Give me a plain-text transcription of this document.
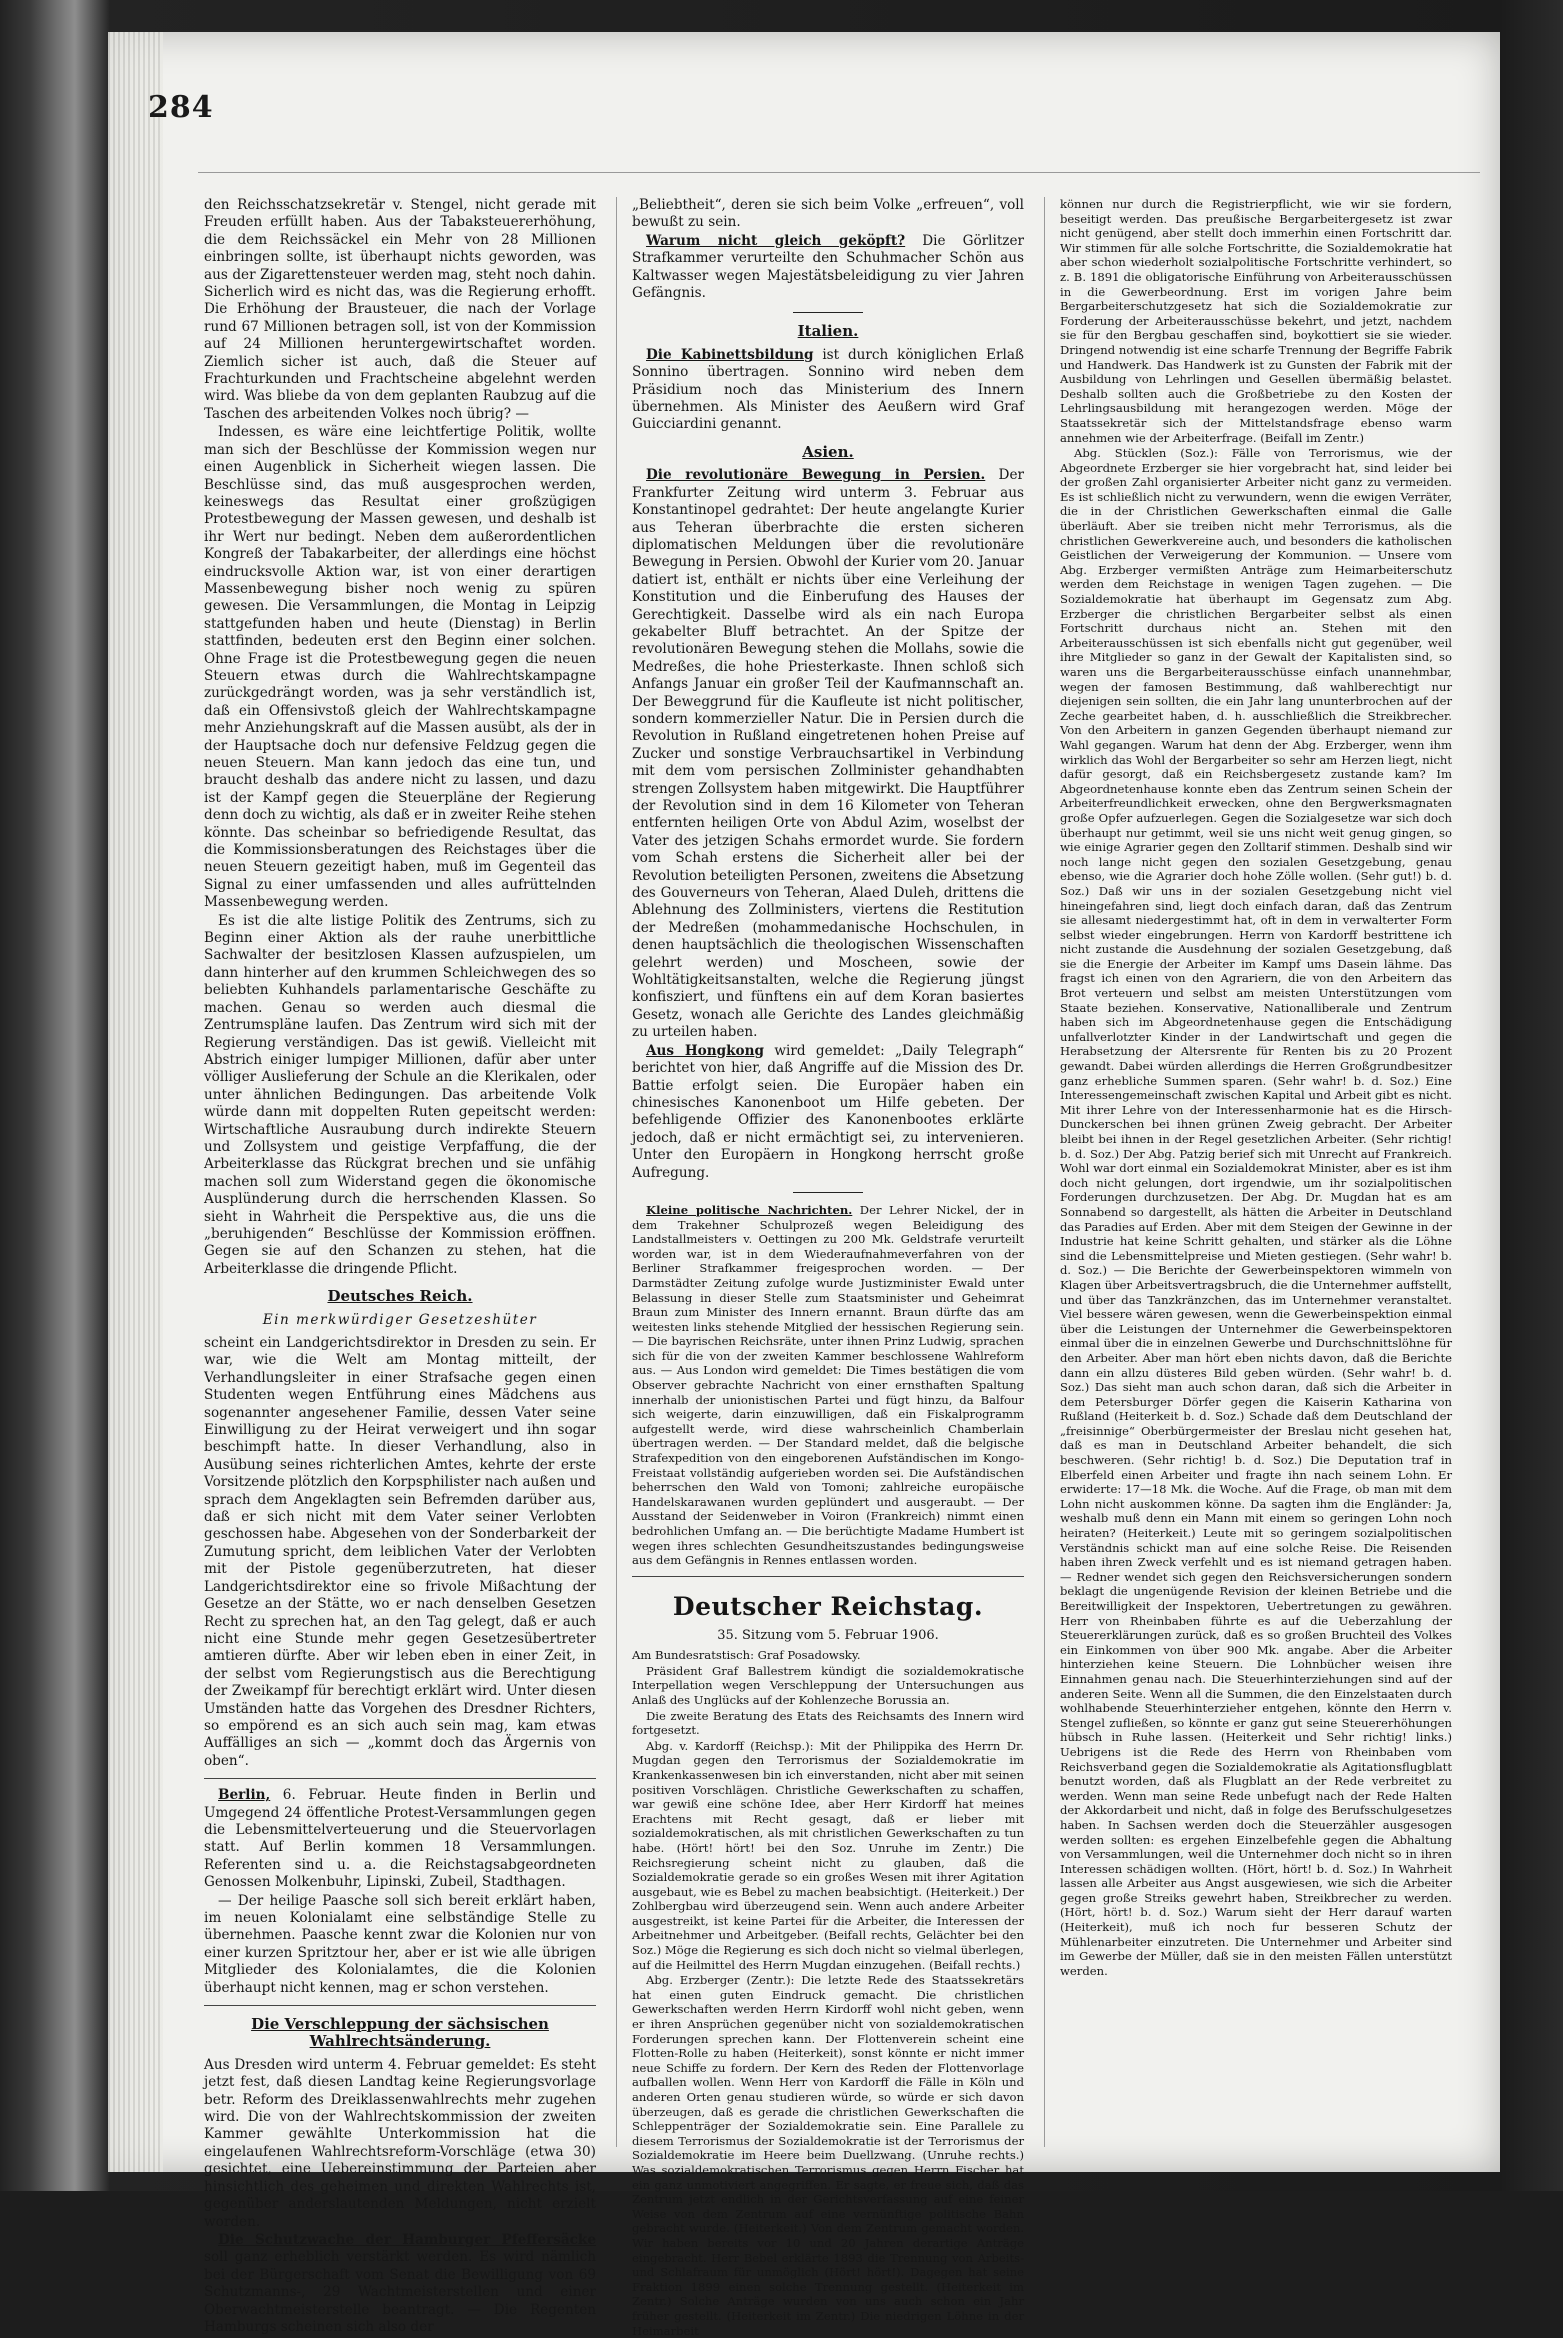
284

den Reichsschatzsekretär v. Stengel, nicht gerade mit Freuden erfüllt haben. Aus der Tabaksteuererhöhung, die dem Reichssäckel ein Mehr von 28 Millionen einbringen sollte, ist überhaupt nichts geworden, was aus der Zigarettensteuer werden mag, steht noch dahin. Sicherlich wird es nicht das, was die Regierung erhofft. Die Erhöhung der Brausteuer, die nach der Vorlage rund 67 Millionen betragen soll, ist von der Kommission auf 24 Millionen heruntergewirtschaftet worden. Ziemlich sicher ist auch, daß die Steuer auf Frachturkunden und Frachtscheine abgelehnt werden wird. Was bliebe da von dem geplanten Raubzug auf die Taschen des arbeitenden Volkes noch übrig? —

Indessen, es wäre eine leichtfertige Politik, wollte man sich der Beschlüsse der Kommission wegen nur einen Augenblick in Sicherheit wiegen lassen. Die Beschlüsse sind, das muß ausgesprochen werden, keineswegs das Resultat einer großzügigen Protestbewegung der Massen gewesen, und deshalb ist ihr Wert nur bedingt. Neben dem außerordentlichen Kongreß der Tabakarbeiter, der allerdings eine höchst eindrucksvolle Aktion war, ist von einer derartigen Massenbewegung bisher noch wenig zu spüren gewesen. Die Versammlungen, die Montag in Leipzig stattgefunden haben und heute (Dienstag) in Berlin stattfinden, bedeuten erst den Beginn einer solchen. Ohne Frage ist die Protestbewegung gegen die neuen Steuern etwas durch die Wahlrechtskampagne zurückgedrängt worden, was ja sehr verständlich ist, daß ein Offensivstoß gleich der Wahlrechtskampagne mehr Anziehungskraft auf die Massen ausübt, als der in der Hauptsache doch nur defensive Feldzug gegen die neuen Steuern. Man kann jedoch das eine tun, und braucht deshalb das andere nicht zu lassen, und dazu ist der Kampf gegen die Steuerpläne der Regierung denn doch zu wichtig, als daß er in zweiter Reihe stehen könnte. Das scheinbar so befriedigende Resultat, das die Kommissionsberatungen des Reichstages über die neuen Steuern gezeitigt haben, muß im Gegenteil das Signal zu einer umfassenden und alles aufrüttelnden Massenbewegung werden.

Es ist die alte listige Politik des Zentrums, sich zu Beginn einer Aktion als der rauhe unerbittliche Sachwalter der besitzlosen Klassen aufzuspielen, um dann hinterher auf den krummen Schleichwegen des so beliebten Kuhhandels parlamentarische Geschäfte zu machen. Genau so werden auch diesmal die Zentrumspläne laufen. Das Zentrum wird sich mit der Regierung verständigen. Das ist gewiß. Vielleicht mit Abstrich einiger lumpiger Millionen, dafür aber unter völliger Auslieferung der Schule an die Klerikalen, oder unter ähnlichen Bedingungen. Das arbeitende Volk würde dann mit doppelten Ruten gepeitscht werden: Wirtschaftliche Ausraubung durch indirekte Steuern und Zollsystem und geistige Verpfaffung, die der Arbeiterklasse das Rückgrat brechen und sie unfähig machen soll zum Widerstand gegen die ökonomische Ausplünderung durch die herrschenden Klassen. So sieht in Wahrheit die Perspektive aus, die uns die „beruhigenden“ Beschlüsse der Kommission eröffnen. Gegen sie auf den Schanzen zu stehen, hat die Arbeiterklasse die dringende Pflicht.

Deutsches Reich.
Ein merkwürdiger Gesetzeshüter

scheint ein Landgerichtsdirektor in Dresden zu sein. Er war, wie die Welt am Montag mitteilt, der Verhandlungsleiter in einer Strafsache gegen einen Studenten wegen Entführung eines Mädchens aus sogenannter angesehener Familie, dessen Vater seine Einwilligung zu der Heirat verweigert und ihn sogar beschimpft hatte. In dieser Verhandlung, also in Ausübung seines richterlichen Amtes, kehrte der erste Vorsitzende plötzlich den Korpsphilister nach außen und sprach dem Angeklagten sein Befremden darüber aus, daß er sich nicht mit dem Vater seiner Verlobten geschossen habe. Abgesehen von der Sonderbarkeit der Zumutung spricht, dem leiblichen Vater der Verlobten mit der Pistole gegenüberzutreten, hat dieser Landgerichtsdirektor eine so frivole Mißachtung der Gesetze an der Stätte, wo er nach denselben Gesetzen Recht zu sprechen hat, an den Tag gelegt, daß er auch nicht eine Stunde mehr gegen Gesetzesübertreter amtieren dürfte. Aber wir leben eben in einer Zeit, in der selbst vom Regierungstisch aus die Berechtigung der Zweikampf für berechtigt erklärt wird. Unter diesen Umständen hatte das Vorgehen des Dresdner Richters, so empörend es an sich auch sein mag, kam etwas Auffälliges an sich — „kommt doch das Ärgernis von oben“.

Berlin, 6. Februar. Heute finden in Berlin und Umgegend 24 öffentliche Protest-Versammlungen gegen die Lebensmittelverteuerung und die Steuervorlagen statt. Auf Berlin kommen 18 Versammlungen. Referenten sind u. a. die Reichstagsabgeordneten Genossen Molkenbuhr, Lipinski, Zubeil, Stadthagen.

— Der heilige Paasche soll sich bereit erklärt haben, im neuen Kolonialamt eine selbständige Stelle zu übernehmen. Paasche kennt zwar die Kolonien nur von einer kurzen Spritztour her, aber er ist wie alle übrigen Mitglieder des Kolonialamtes, die die Kolonien überhaupt nicht kennen, mag er schon verstehen.

Die Verschleppung der sächsischen Wahlrechtsänderung.

Aus Dresden wird unterm 4. Februar gemeldet: Es steht jetzt fest, daß diesen Landtag keine Regierungsvorlage betr. Reform des Dreiklassenwahlrechts mehr zugehen wird. Die von der Wahlrechtskommission der zweiten Kammer gewählte Unterkommission hat die eingelaufenen Wahlrechtsreform-Vorschläge (etwa 30) gesichtet, eine Uebereinstimmung der Parteien aber hinsichtlich des geheimen und direkten Wahlrechts ist, gegenüber anderslautenden Meldungen, nicht erzielt worden.

Die Schutzwache der Hamburger Pfeffersäcke soll ganz erheblich verstärkt werden. Es wird nämlich bei der Bürgerschaft vom Senat die Bewilligung von 69 Schutzmanns-, 29 Wachtmeisterstellen und einer Oberwachtmeisterstelle beantragt. — Die Regenten Hamburgs scheinen sich also der

„Beliebtheit“, deren sie sich beim Volke „erfreuen“, voll bewußt zu sein.

Warum nicht gleich geköpft? Die Görlitzer Strafkammer verurteilte den Schuhmacher Schön aus Kaltwasser wegen Majestätsbeleidigung zu vier Jahren Gefängnis.

Italien.

Die Kabinettsbildung ist durch königlichen Erlaß Sonnino übertragen. Sonnino wird neben dem Präsidium noch das Ministerium des Innern übernehmen. Als Minister des Aeußern wird Graf Guicciardini genannt.

Asien.

Die revolutionäre Bewegung in Persien. Der Frankfurter Zeitung wird unterm 3. Februar aus Konstantinopel gedrahtet: Der heute angelangte Kurier aus Teheran überbrachte die ersten sicheren diplomatischen Meldungen über die revolutionäre Bewegung in Persien. Obwohl der Kurier vom 20. Januar datiert ist, enthält er nichts über eine Verleihung der Konstitution und die Einberufung des Hauses der Gerechtigkeit. Dasselbe wird als ein nach Europa gekabelter Bluff betrachtet. An der Spitze der revolutionären Bewegung stehen die Mollahs, sowie die Medreßes, die hohe Priesterkaste. Ihnen schloß sich Anfangs Januar ein großer Teil der Kaufmannschaft an. Der Beweggrund für die Kaufleute ist nicht politischer, sondern kommerzieller Natur. Die in Persien durch die Revolution in Rußland eingetretenen hohen Preise auf Zucker und sonstige Verbrauchsartikel in Verbindung mit dem vom persischen Zollminister gehandhabten strengen Zollsystem haben mitgewirkt. Die Hauptführer der Revolution sind in dem 16 Kilometer von Teheran entfernten heiligen Orte von Abdul Azim, woselbst der Vater des jetzigen Schahs ermordet wurde. Sie fordern vom Schah erstens die Sicherheit aller bei der Revolution beteiligten Personen, zweitens die Absetzung des Gouverneurs von Teheran, Alaed Duleh, drittens die Ablehnung des Zollministers, viertens die Restitution der Medreßen (mohammedanische Hochschulen, in denen hauptsächlich die theologischen Wissenschaften gelehrt werden) und Moscheen, sowie der Wohltätigkeitsanstalten, welche die Regierung jüngst konfisziert, und fünftens ein auf dem Koran basiertes Gesetz, wonach alle Gerichte des Landes gleichmäßig zu urteilen haben.

Aus Hongkong wird gemeldet: „Daily Telegraph“ berichtet von hier, daß Angriffe auf die Mission des Dr. Battie erfolgt seien. Die Europäer haben ein chinesisches Kanonenboot um Hilfe gebeten. Der befehligende Offizier des Kanonenbootes erklärte jedoch, daß er nicht ermächtigt sei, zu intervenieren. Unter den Europäern in Hongkong herrscht große Aufregung.

Kleine politische Nachrichten. Der Lehrer Nickel, der in dem Trakehner Schulprozeß wegen Beleidigung des Landstallmeisters v. Oettingen zu 200 Mk. Geldstrafe verurteilt worden war, ist in dem Wiederaufnahmeverfahren von der Berliner Strafkammer freigesprochen worden. — Der Darmstädter Zeitung zufolge wurde Justizminister Ewald unter Belassung in dieser Stelle zum Staatsminister und Geheimrat Braun zum Minister des Innern ernannt. Braun dürfte das am weitesten links stehende Mitglied der hessischen Regierung sein. — Die bayrischen Reichsräte, unter ihnen Prinz Ludwig, sprachen sich für die von der zweiten Kammer beschlossene Wahlreform aus. — Aus London wird gemeldet: Die Times bestätigen die vom Observer gebrachte Nachricht von einer ernsthaften Spaltung innerhalb der unionistischen Partei und fügt hinzu, da Balfour sich weigerte, darin einzuwilligen, daß ein Fiskalprogramm aufgestellt werde, wird diese wahrscheinlich Chamberlain übertragen werden. — Der Standard meldet, daß die belgische Strafexpedition von den eingeborenen Aufständischen im Kongo-Freistaat vollständig aufgerieben worden sei. Die Aufständischen beherrschen den Wald von Tomoni; zahlreiche europäische Handelskarawanen wurden geplündert und ausgeraubt. — Der Ausstand der Seidenweber in Voiron (Frankreich) nimmt einen bedrohlichen Umfang an. — Die berüchtigte Madame Humbert ist wegen ihres schlechten Gesundheitszustandes bedingungsweise aus dem Gefängnis in Rennes entlassen worden.

Deutscher Reichstag.
35. Sitzung vom 5. Februar 1906.

Am Bundesratstisch: Graf Posadowsky.

Präsident Graf Ballestrem kündigt die sozialdemokratische Interpellation wegen Verschleppung der Untersuchungen aus Anlaß des Unglücks auf der Kohlenzeche Borussia an.

Die zweite Beratung des Etats des Reichsamts des Innern wird fortgesetzt.

Abg. v. Kardorff (Reichsp.): Mit der Philippika des Herrn Dr. Mugdan gegen den Terrorismus der Sozialdemokratie im Krankenkassenwesen bin ich einverstanden, nicht aber mit seinen positiven Vorschlägen. Christliche Gewerkschaften zu schaffen, war gewiß eine schöne Idee, aber Herr Kirdorff hat meines Erachtens mit Recht gesagt, daß er lieber mit sozialdemokratischen, als mit christlichen Gewerkschaften zu tun habe. (Hört! hört! bei den Soz. Unruhe im Zentr.) Die Reichsregierung scheint nicht zu glauben, daß die Sozialdemokratie gerade so ein großes Wesen mit ihrer Agitation ausgebaut, wie es Bebel zu machen beabsichtigt. (Heiterkeit.) Der Zohlbergbau wird überzeugend sein. Wenn auch andere Arbeiter ausgestreikt, ist keine Partei für die Arbeiter, die Interessen der Arbeitnehmer und Arbeitgeber. (Beifall rechts, Gelächter bei den Soz.) Möge die Regierung es sich doch nicht so vielmal überlegen, auf die Heilmittel des Herrn Mugdan einzugehen. (Beifall rechts.)

Abg. Erzberger (Zentr.): Die letzte Rede des Staatssekretärs hat einen guten Eindruck gemacht. Die christlichen Gewerkschaften werden Herrn Kirdorff wohl nicht geben, wenn er ihren Ansprüchen gegenüber nicht von sozialdemokratischen Forderungen sprechen kann. Der Flottenverein scheint eine Flotten-Rolle zu haben (Heiterkeit), sonst könnte er nicht immer neue Schiffe zu fordern. Der Kern des Reden der Flottenvorlage aufballen wollen. Wenn Herr von Kardorff die Fälle in Köln und anderen Orten genau studieren würde, so würde er sich davon überzeugen, daß es gerade die christlichen Gewerkschaften die Schleppenträger der Sozialdemokratie sein. Eine Parallele zu diesem Terrorismus der Sozialdemokratie ist der Terrorismus der Sozialdemokratie im Heere beim Duellzwang. (Unruhe rechts.) Was sozialdemokratischen Terrorismus gegen Herrn Fischer hat ein ganz unmotiviert angegriffen. Er sagte, er freue sich, daß das Zentrum jetzt endlich in der Gerichtsverfassung auf eine feiner Weise von dem Zentrum auf eine vernünftige politische Bahn gebracht wurde. (Heiterkeit.) Von dem Zentrum gemacht worden. Wir haben bereits vor 10 und 20 Jahren derartige Anträge eingebracht. Herr Bebel erklärte 1893 die Trennung von Arbeits- und Schlafraum für unmöglich (Hört! hört!). Dagegen hat seine Fraktion 1899 einen solche Trennung gestellt. (Heiterkeit im Zentr.) Solche Anträge wurden von uns auch schon ein Jahr früher gestellt. (Heiterkeit im Zentr.) Die niedrigen Löhne in der Heimarbeit

können nur durch die Registrierpflicht, wie wir sie fordern, beseitigt werden. Das preußische Bergarbeitergesetz ist zwar nicht genügend, aber stellt doch immerhin einen Fortschritt dar. Wir stimmen für alle solche Fortschritte, die Sozialdemokratie hat aber schon wiederholt sozialpolitische Fortschritte verhindert, so z. B. 1891 die obligatorische Einführung von Arbeiterausschüssen in die Gewerbeordnung. Erst im vorigen Jahre beim Bergarbeiterschutzgesetz hat sich die Sozialdemokratie zur Forderung der Arbeiterausschüsse bekehrt, und jetzt, nachdem sie für den Bergbau geschaffen sind, boykottiert sie sie wieder. Dringend notwendig ist eine scharfe Trennung der Begriffe Fabrik und Handwerk. Das Handwerk ist zu Gunsten der Fabrik mit der Ausbildung von Lehrlingen und Gesellen übermäßig belastet. Deshalb sollten auch die Großbetriebe zu den Kosten der Lehrlingsausbildung mit herangezogen werden. Möge der Staatssekretär sich der Mittelstandsfrage ebenso warm annehmen wie der Arbeiterfrage. (Beifall im Zentr.)

Abg. Stücklen (Soz.): Fälle von Terrorismus, wie der Abgeordnete Erzberger sie hier vorgebracht hat, sind leider bei der großen Zahl organisierter Arbeiter nicht ganz zu vermeiden. Es ist schließlich nicht zu verwundern, wenn die ewigen Verräter, die in der Christlichen Gewerkschaften einmal die Galle überläuft. Aber sie treiben nicht mehr Terrorismus, als die christlichen Gewerkvereine auch, und besonders die katholischen Geistlichen der Verweigerung der Kommunion. — Unsere vom Abg. Erzberger vermißten Anträge zum Heimarbeiterschutz werden dem Reichstage in wenigen Tagen zugehen. — Die Sozialdemokratie hat überhaupt im Gegensatz zum Abg. Erzberger die christlichen Bergarbeiter selbst als einen Fortschritt durchaus nicht an. Stehen mit den Arbeiterausschüssen ist sich ebenfalls nicht gut gegenüber, weil ihre Mitglieder so ganz in der Gewalt der Kapitalisten sind, so waren uns die Bergarbeiterausschüsse einfach unannehmbar, wegen der famosen Bestimmung, daß wahlberechtigt nur diejenigen sein sollten, die ein Jahr lang ununterbrochen auf der Zeche gearbeitet haben, d. h. ausschließlich die Streikbrecher. Von den Arbeitern in ganzen Gegenden überhaupt niemand zur Wahl gegangen. Warum hat denn der Abg. Erzberger, wenn ihm wirklich das Wohl der Bergarbeiter so sehr am Herzen liegt, nicht dafür gesorgt, daß ein Reichsbergesetz zustande kam? Im Abgeordnetenhause konnte eben das Zentrum seinen Schein der Arbeiterfreundlichkeit erwecken, ohne den Bergwerksmagnaten große Opfer aufzuerlegen. Gegen die Sozialgesetze war sich doch überhaupt nur getimmt, weil sie uns nicht weit genug gingen, so wie einige Agrarier gegen den Zolltarif stimmen. Deshalb sind wir noch lange nicht gegen den sozialen Gesetzgebung, genau ebenso, wie die Agrarier doch hohe Zölle wollen. (Sehr gut!) b. d. Soz.) Daß wir uns in der sozialen Gesetzgebung nicht viel hineingefahren sind, liegt doch einfach daran, daß das Zentrum sie allesamt niedergestimmt hat, oft in dem in verwalterter Form selbst wieder eingebrungen. Herrn von Kardorff bestrittene ich nicht zustande die Ausdehnung der sozialen Gesetzgebung, daß sie die Energie der Arbeiter im Kampf ums Dasein lähme. Das fragst ich einen von den Agrariern, die von den Arbeitern das Brot verteuern und selbst am meisten Unterstützungen vom Staate beziehen. Konservative, Nationalliberale und Zentrum haben sich im Abgeordnetenhause gegen die Entschädigung unfallverlotzter Kinder in der Landwirtschaft und gegen die Herabsetzung der Altersrente für Renten bis zu 20 Prozent gewandt. Dabei würden allerdings die Herren Großgrundbesitzer ganz erhebliche Summen sparen. (Sehr wahr! b. d. Soz.) Eine Interessengemeinschaft zwischen Kapital und Arbeit gibt es nicht. Mit ihrer Lehre von der Interessenharmonie hat es die Hirsch-Dunckerschen bei ihnen grünen Zweig gebracht. Der Arbeiter bleibt bei ihnen in der Regel gesetzlichen Arbeiter. (Sehr richtig! b. d. Soz.) Der Abg. Patzig berief sich mit Unrecht auf Frankreich. Wohl war dort einmal ein Sozialdemokrat Minister, aber es ist ihm doch nicht gelungen, dort irgendwie, um ihr sozialpolitischen Forderungen durchzusetzen. Der Abg. Dr. Mugdan hat es am Sonnabend so dargestellt, als hätten die Arbeiter in Deutschland das Paradies auf Erden. Aber mit dem Steigen der Gewinne in der Industrie hat keine Schritt gehalten, und stärker als die Löhne sind die Lebensmittelpreise und Mieten gestiegen. (Sehr wahr! b. d. Soz.) — Die Berichte der Gewerbeinspektoren wimmeln von Klagen über Arbeitsvertragsbruch, die die Unternehmer auffstellt, und über das Tanzkränzchen, das im Unternehmer veranstaltet. Viel bessere wären gewesen, wenn die Gewerbeinspektion einmal über die Leistungen der Unternehmer die Gewerbeinspektoren einmal über die in einzelnen Gewerbe und Durchschnittslöhne für den Arbeiter. Aber man hört eben nichts davon, daß die Berichte dann ein allzu düsteres Bild geben würden. (Sehr wahr! b. d. Soz.) Das sieht man auch schon daran, daß sich die Arbeiter in dem Petersburger Dörfer gegen die Kaiserin Katharina von Rußland (Heiterkeit b. d. Soz.) Schade daß dem Deutschland der „freisinnige“ Oberbürgermeister der Breslau nicht gesehen hat, daß es man in Deutschland Arbeiter behandelt, die sich beschweren. (Sehr richtig! b. d. Soz.) Die Deputation traf in Elberfeld einen Arbeiter und fragte ihn nach seinem Lohn. Er erwiderte: 17—18 Mk. die Woche. Auf die Frage, ob man mit dem Lohn nicht auskommen könne. Da sagten ihm die Engländer: Ja, weshalb muß denn ein Mann mit einem so geringen Lohn noch heiraten? (Heiterkeit.) Leute mit so geringem sozialpolitischen Verständnis schickt man auf eine solche Reise. Die Reisenden haben ihren Zweck verfehlt und es ist niemand getragen haben. — Redner wendet sich gegen den Reichsversicherungen sondern beklagt die ungenügende Revision der kleinen Betriebe und die Bereitwilligkeit der Inspektoren, Uebertretungen zu gewähren. Herr von Rheinbaben führte es auf die Ueberzahlung der Steuererklärungen zurück, daß es so großen Bruchteil des Volkes ein Einkommen von über 900 Mk. angabe. Aber die Arbeiter hinterziehen keine Steuern. Die Lohnbücher weisen ihre Einnahmen genau nach. Die Steuerhinterziehungen sind auf der anderen Seite. Wenn all die Summen, die den Einzelstaaten durch wohlhabende Steuerhinterzieher entgehen, könnte den Herrn v. Stengel zufließen, so könnte er ganz gut seine Steuererhöhungen hübsch in Ruhe lassen. (Heiterkeit und Sehr richtig! links.) Uebrigens ist die Rede des Herrn von Rheinbaben vom Reichsverband gegen die Sozialdemokratie als Agitationsflugblatt benutzt worden, daß als Flugblatt an der Rede verbreitet zu werden. Wenn man seine Rede unbefugt nach der Rede Halten der Akkordarbeit und nicht, daß in folge des Berufsschulgesetzes haben. In Sachsen werden doch die Steuerzähler ausgesogen werden sollten: es ergehen Einzelbefehle gegen die Abhaltung von Versammlungen, weil die Unternehmer doch nicht so in ihren Interessen schädigen wollten. (Hört, hört! b. d. Soz.) In Wahrheit lassen alle Arbeiter aus Angst ausgewiesen, wie sich die Arbeiter gegen große Streiks gewehrt haben, Streikbrecher zu werden. (Hört, hört! b. d. Soz.) Warum sieht der Herr darauf warten (Heiterkeit), muß ich noch fur besseren Schutz der Mühlenarbeiter einzutreten. Die Unternehmer und Arbeiter sind im Gewerbe der Müller, daß sie in den meisten Fällen unterstützt werden.
